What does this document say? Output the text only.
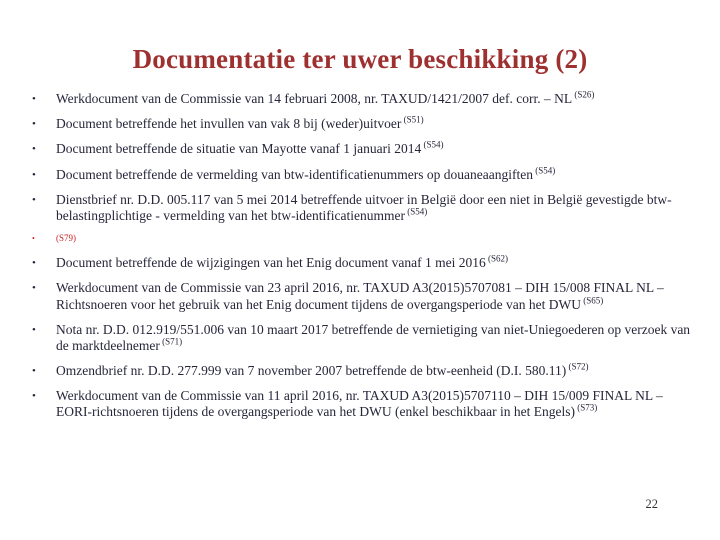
Documentatie ter uwer beschikking (2)
•	Werkdocument van de Commissie van 14 februari 2008, nr. TAXUD/1421/2007 def. corr. – NL $^{(S26)}$
•	Document betreffende het invullen van vak 8 bij (weder)uitvoer $^{(S51)}$
•	Document betreffende de situatie van Mayotte vanaf 1 januari 2014 $^{(S54)}$
•	Document betreffende de vermelding van btw-identificatienummers op douaneaangiften $^{(S54)}$
•	Dienstbrief nr. D.D. 005.117 van 5 mei 2014 betreffende uitvoer in België door een niet in België gevestigde btw-belastingplichtige - vermelding van het btw-identificatienummer $^{(S54)}$
•	(S79)
•	Document betreffende de wijzigingen van het Enig document vanaf 1 mei 2016 $^{(S62)}$
•	Werkdocument van de Commissie van 23 april 2016, nr. TAXUD A3(2015)5707081 – DIH 15/008 FINAL NL – Richtsnoeren voor het gebruik van het Enig document tijdens de overgangsperiode van het DWU $^{(S65)}$
•	Nota nr. D.D. 012.919/551.006 van 10 maart 2017 betreffende de vernietiging van niet-Uniegoederen op verzoek van de marktdeelnemer $^{(S71)}$
•	Omzendbrief nr. D.D. 277.999 van 7 november 2007 betreffende de btw-eenheid (D.I. 580.11) $^{(S72)}$
•	Werkdocument van de Commissie van 11 april 2016, nr. TAXUD A3(2015)5707110 – DIH 15/009 FINAL NL – EORI-richtsnoeren tijdens de overgangsperiode van het DWU (enkel beschikbaar in het Engels) $^{(S73)}$
22
